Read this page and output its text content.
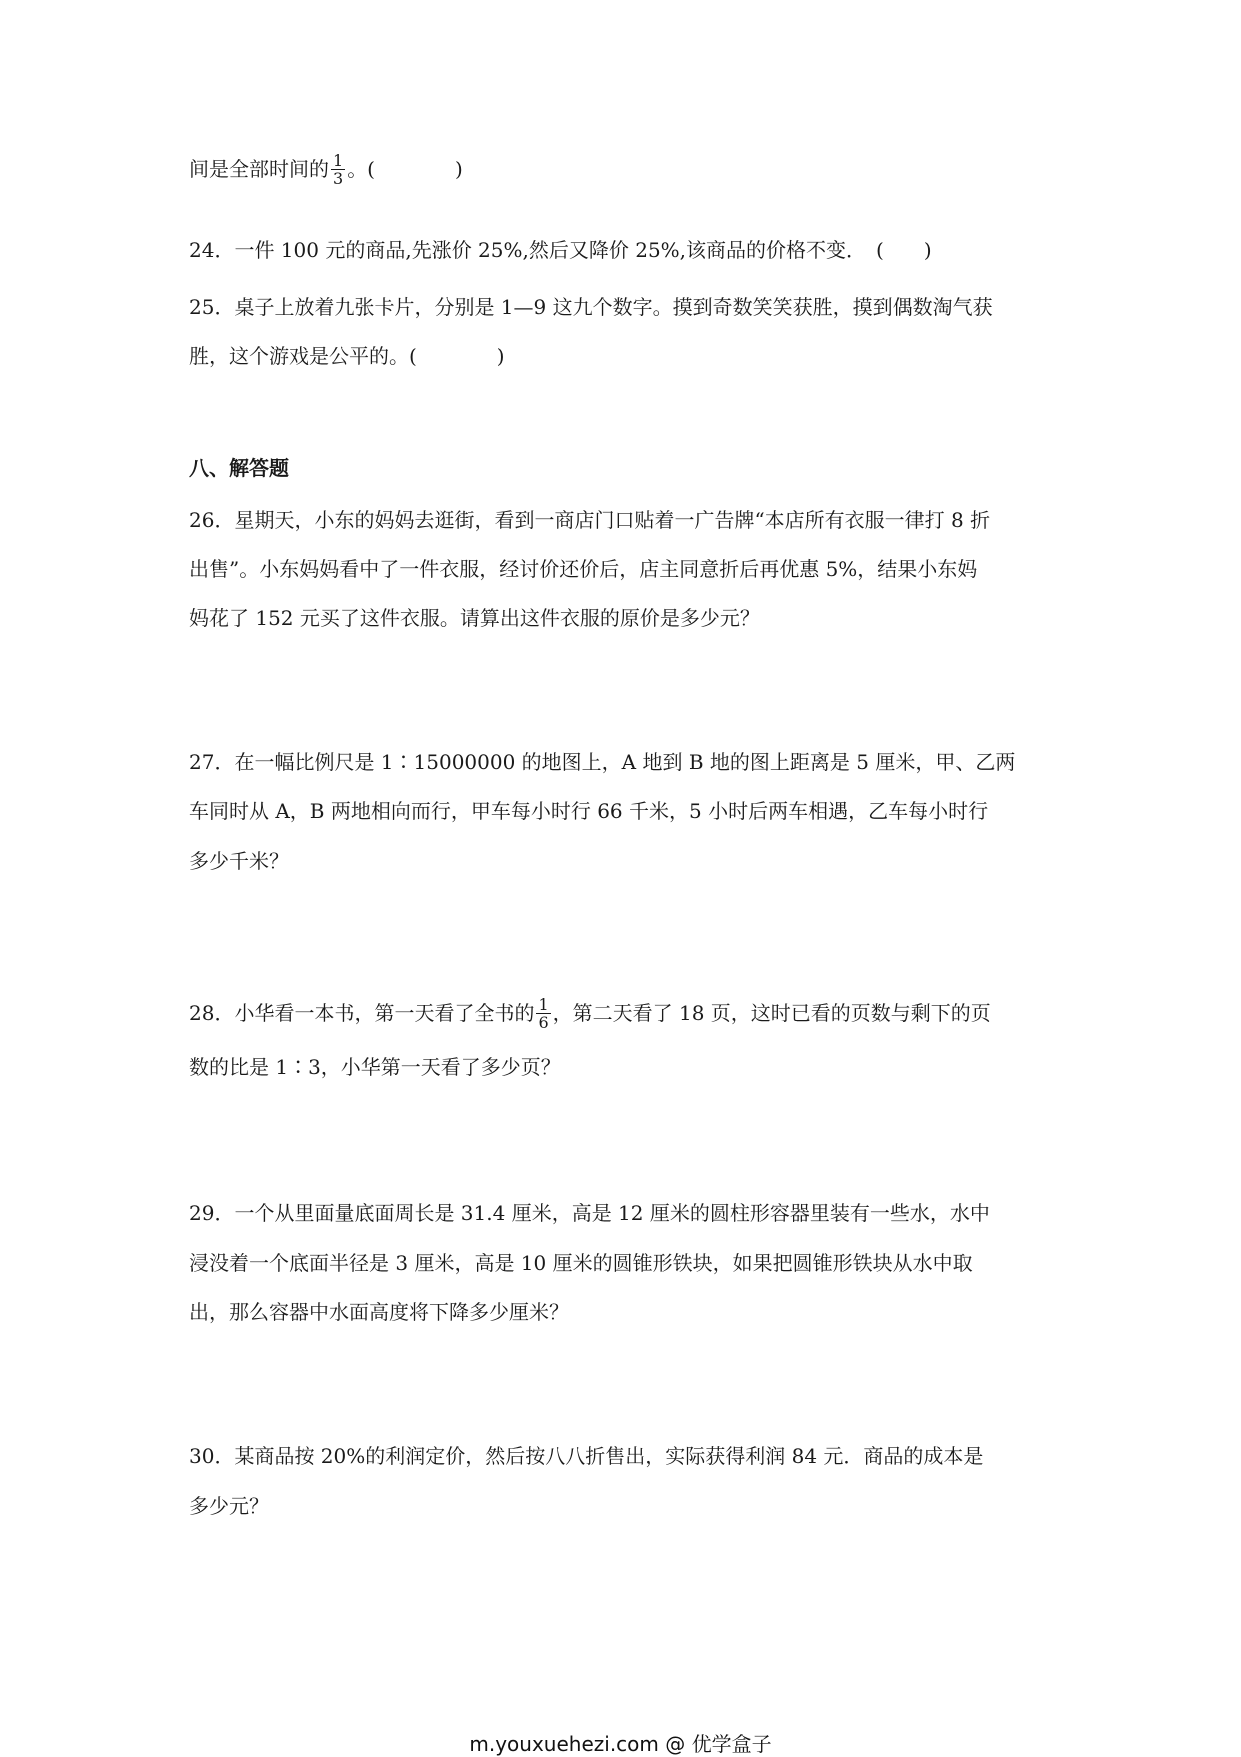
间是全部时间的 $\frac{1}{3}$ 。(　　　　)
24．一件 100 元的商品,先涨价 25%,然后又降价 25%,该商品的价格不变．　(　　)
25．桌子上放着九张卡片，分别是 1—9 这九个数字。摸到奇数笑笑获胜，摸到偶数淘气获
胜，这个游戏是公平的。(　　　　)
八、解答题
26．星期天，小东的妈妈去逛街，看到一商店门口贴着一广告牌“本店所有衣服一律打 8 折
出售”。小东妈妈看中了一件衣服，经讨价还价后，店主同意折后再优惠 5%，结果小东妈
妈花了 152 元买了这件衣服。请算出这件衣服的原价是多少元？
27．在一幅比例尺是 1∶15000000 的地图上，A 地到 B 地的图上距离是 5 厘米，甲、乙两
车同时从 A，B 两地相向而行，甲车每小时行 66 千米，5 小时后两车相遇，乙车每小时行
多少千米？
28．小华看一本书，第一天看了全书的 $\frac{1}{6}$ ，第二天看了 18 页，这时已看的页数与剩下的页
数的比是 1∶3，小华第一天看了多少页？
29．一个从里面量底面周长是 31.4 厘米，高是 12 厘米的圆柱形容器里装有一些水，水中
浸没着一个底面半径是 3 厘米，高是 10 厘米的圆锥形铁块，如果把圆锥形铁块从水中取
出，那么容器中水面高度将下降多少厘米？
30．某商品按 20%的利润定价，然后按八八折售出，实际获得利润 84 元．商品的成本是
多少元？
m.youxuehezi.com @ 优学盒子
